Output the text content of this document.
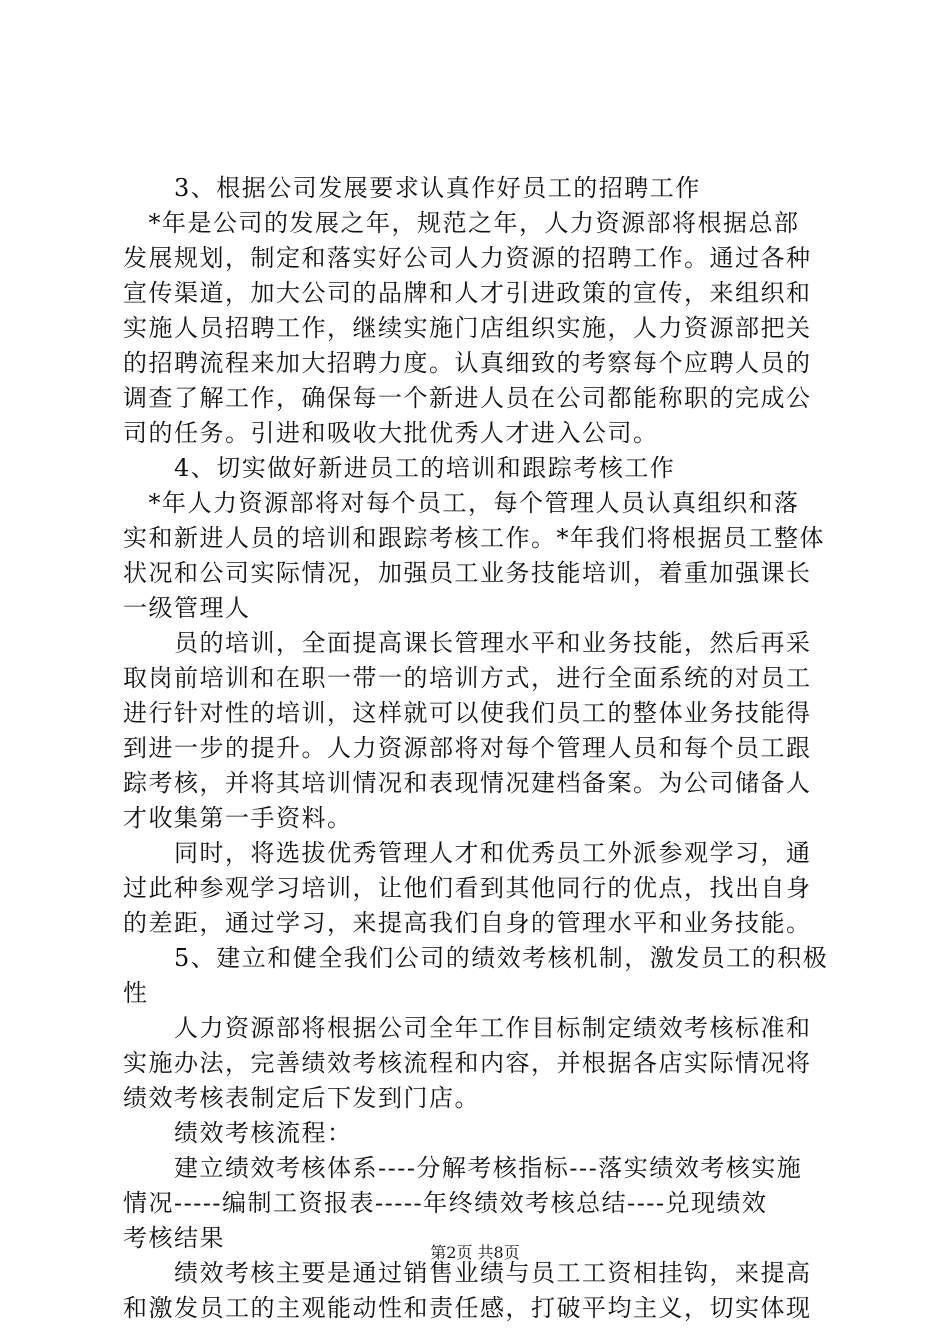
　　3、根据公司发展要求认真作好员工的招聘工作
　*年是公司的发展之年，规范之年，人力资源部将根据总部
发展规划，制定和落实好公司人力资源的招聘工作。通过各种
宣传渠道，加大公司的品牌和人才引进政策的宣传，来组织和
实施人员招聘工作，继续实施门店组织实施，人力资源部把关
的招聘流程来加大招聘力度。认真细致的考察每个应聘人员的
调查了解工作，确保每一个新进人员在公司都能称职的完成公
司的任务。引进和吸收大批优秀人才进入公司。
　　4、切实做好新进员工的培训和跟踪考核工作
　*年人力资源部将对每个员工，每个管理人员认真组织和落
实和新进人员的培训和跟踪考核工作。*年我们将根据员工整体
状况和公司实际情况，加强员工业务技能培训，着重加强课长
一级管理人
　　员的培训，全面提高课长管理水平和业务技能，然后再采
取岗前培训和在职一带一的培训方式，进行全面系统的对员工
进行针对性的培训，这样就可以使我们员工的整体业务技能得
到进一步的提升。人力资源部将对每个管理人员和每个员工跟
踪考核，并将其培训情况和表现情况建档备案。为公司储备人
才收集第一手资料。
　　同时，将选拔优秀管理人才和优秀员工外派参观学习，通
过此种参观学习培训，让他们看到其他同行的优点，找出自身
的差距，通过学习，来提高我们自身的管理水平和业务技能。
　　5、建立和健全我们公司的绩效考核机制，激发员工的积极
性
　　人力资源部将根据公司全年工作目标制定绩效考核标准和
实施办法，完善绩效考核流程和内容，并根据各店实际情况将
绩效考核表制定后下发到门店。
　　绩效考核流程：
　　建立绩效考核体系----分解考核指标---落实绩效考核实施
情况-----编制工资报表-----年终绩效考核总结----兑现绩效
考核结果
　　绩效考核主要是通过销售业绩与员工工资相挂钩，来提高
和激发员工的主观能动性和责任感，打破平均主义，切实体现
第2页 共8页
